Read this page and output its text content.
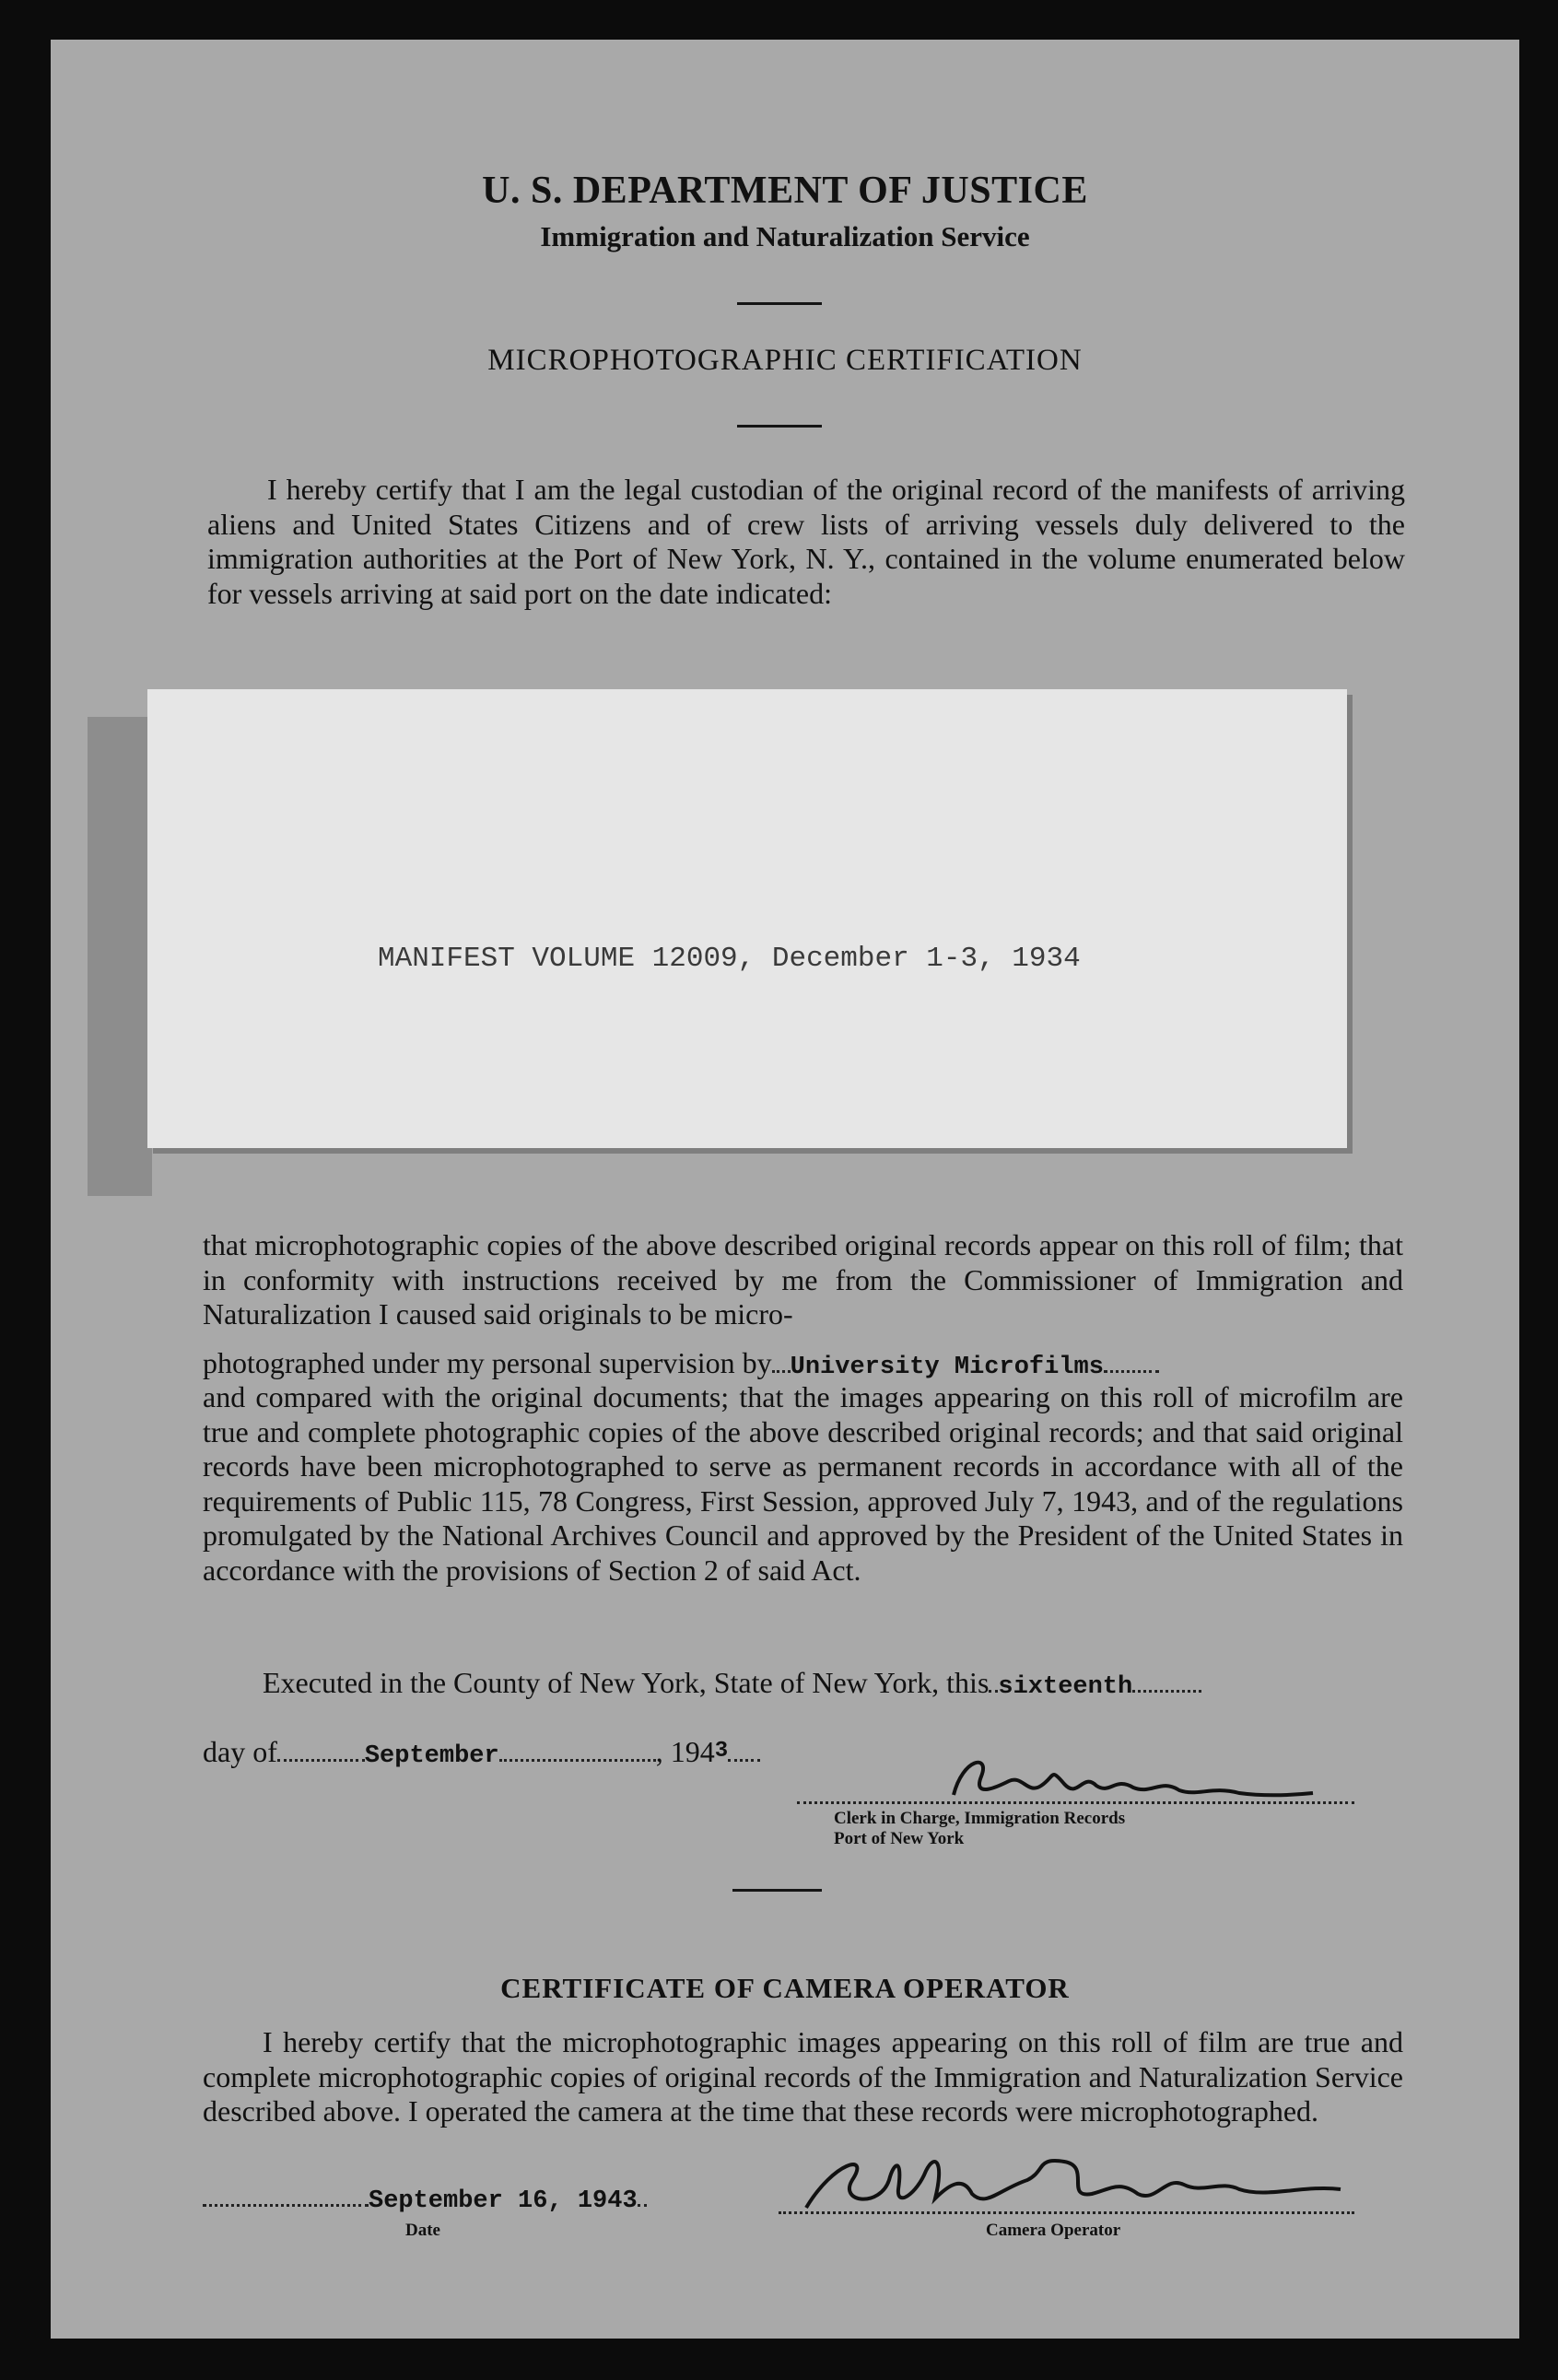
U. S. DEPARTMENT OF JUSTICE
Immigration and Naturalization Service
MICROPHOTOGRAPHIC CERTIFICATION
I hereby certify that I am the legal custodian of the original record of the manifests of arriving aliens and United States Citizens and of crew lists of arriving vessels duly delivered to the immigration authorities at the Port of New York, N. Y., contained in the volume enumerated below for vessels arriving at said port on the date indicated:
MANIFEST VOLUME 12009, December 1-3, 1934
that microphotographic copies of the above described original records appear on this roll of film; that in conformity with instructions received by me from the Commissioner of Immigration and Naturalization I caused said originals to be micro-
photographed under my personal supervision by University Microfilms
and compared with the original documents; that the images appearing on this roll of microfilm are true and complete photographic copies of the above described original records; and that said original records have been microphotographed to serve as permanent records in accordance with all of the requirements of Public 115, 78 Congress, First Session, approved July 7, 1943, and of the regulations promulgated by the National Archives Council and approved by the President of the United States in accordance with the provisions of Section 2 of said Act.
Executed in the County of New York, State of New York, this sixteenth
day of	September	, 1943
Clerk in Charge, Immigration Records
Port of New York
CERTIFICATE OF CAMERA OPERATOR
I hereby certify that the microphotographic images appearing on this roll of film are true and complete microphotographic copies of original records of the Immigration and Naturalization Service described above. I operated the camera at the time that these records were microphotographed.
September 16, 1943
Date	Camera Operator
